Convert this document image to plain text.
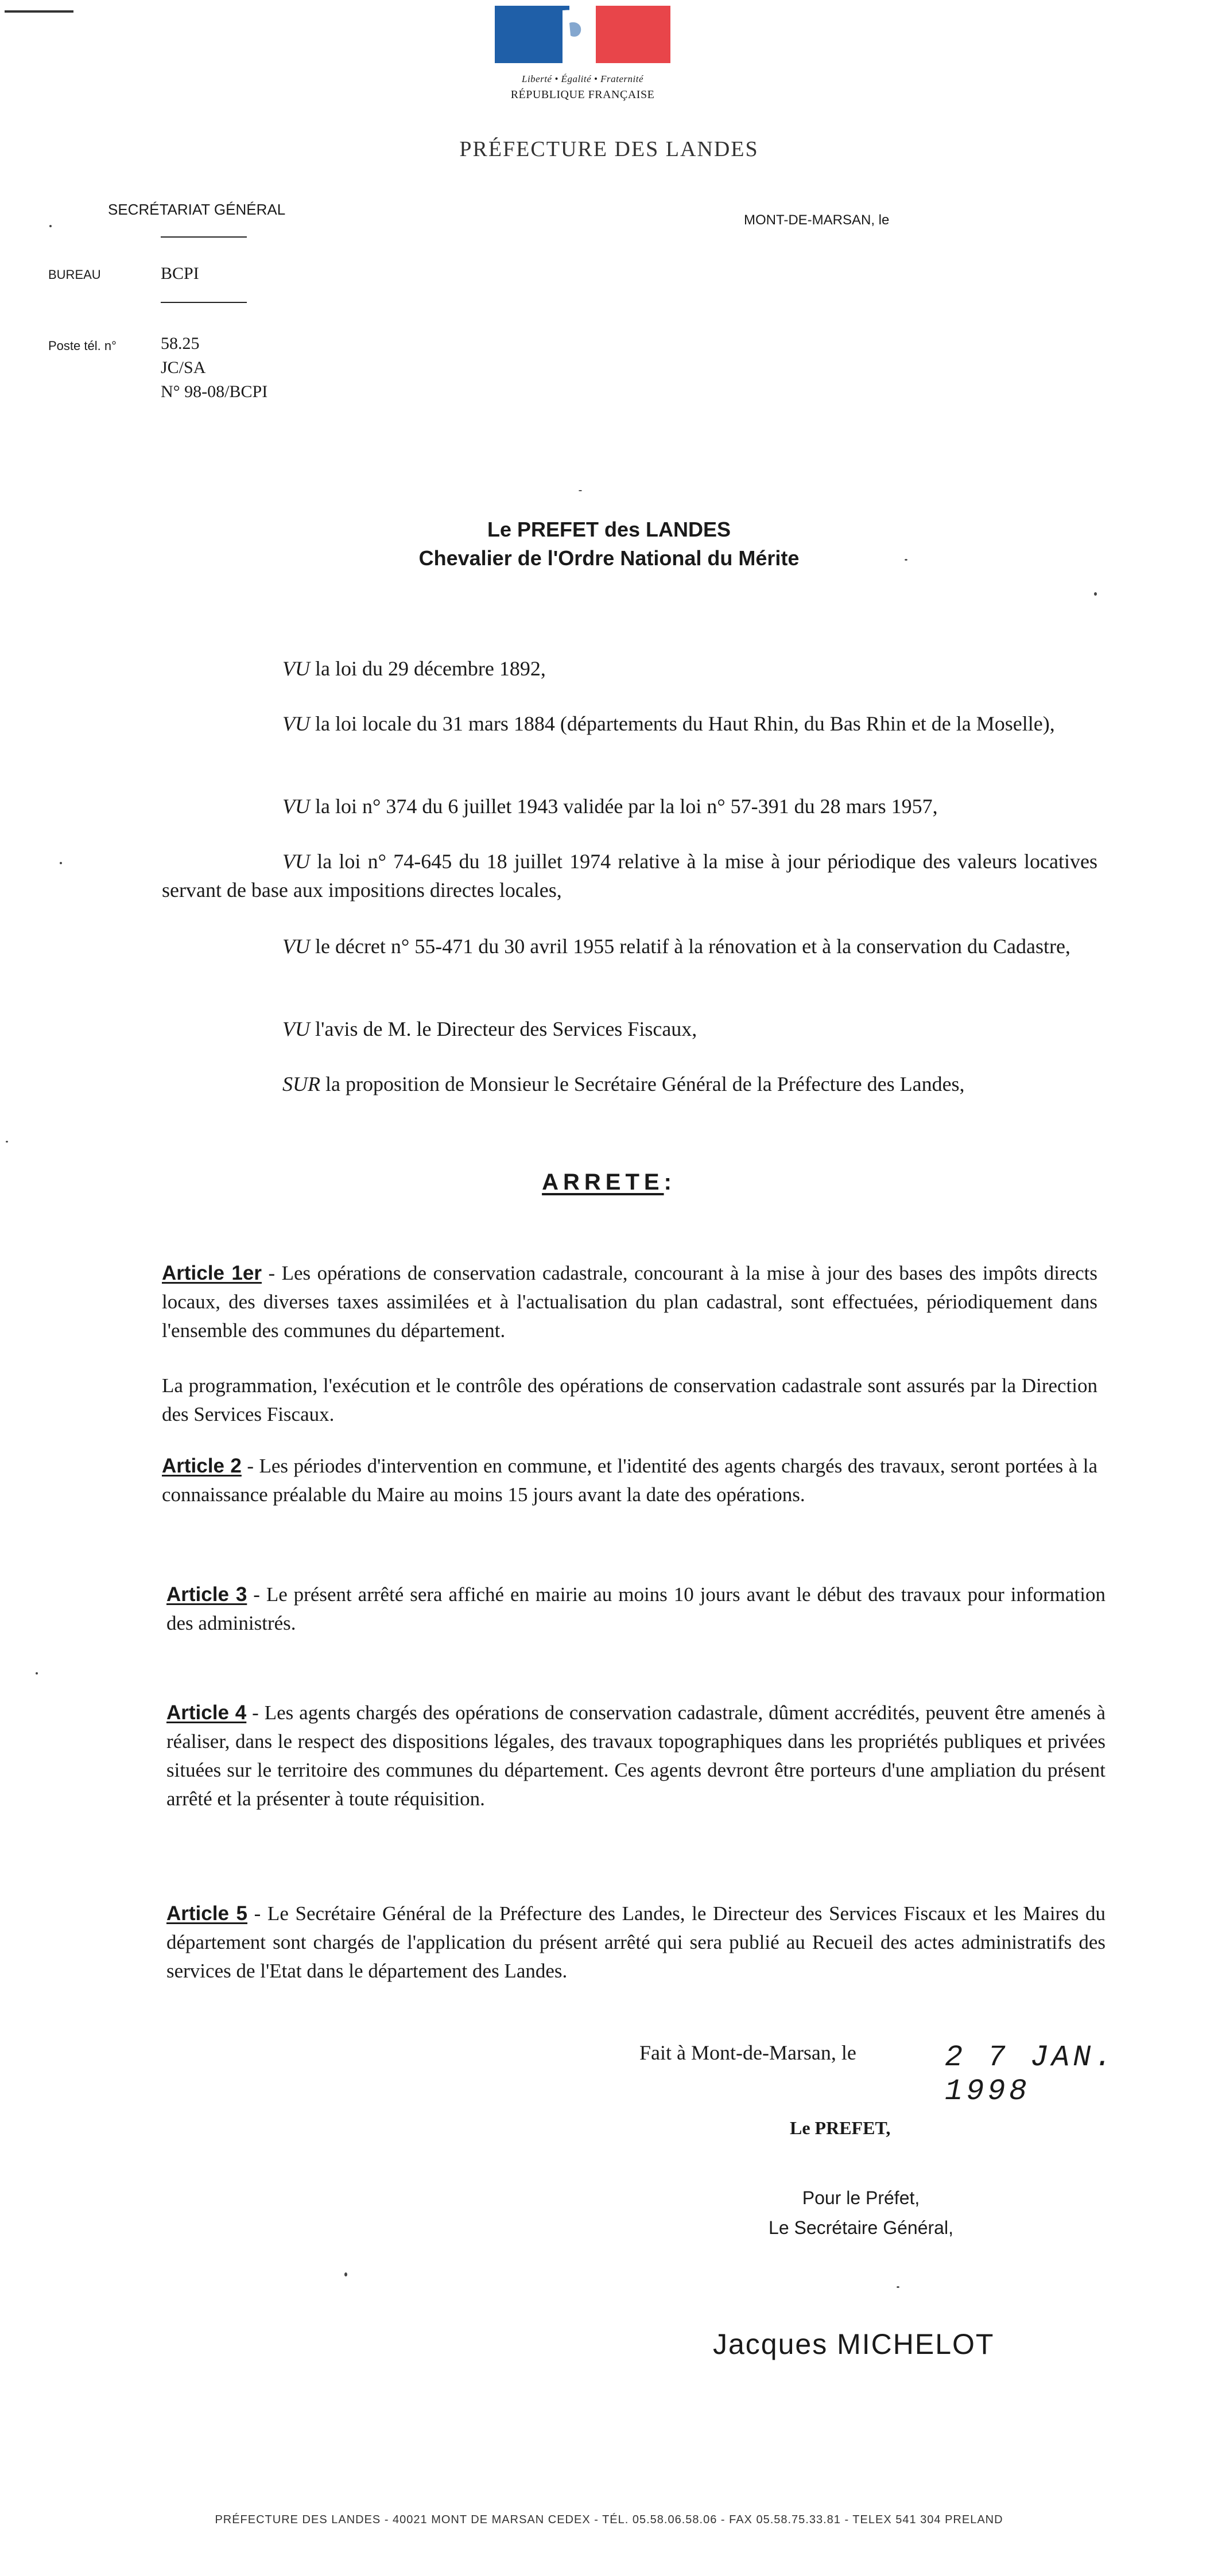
Liberté • Égalité • Fraternité
RÉPUBLIQUE FRANÇAISE
PRÉFECTURE DES LANDES
SECRÉTARIAT GÉNÉRAL
BUREAU	BCPI
Poste tél. n°	58.25
JC/SA
N° 98-08/BCPI
MONT-DE-MARSAN, le
Le PREFET des LANDES
Chevalier de l'Ordre National du Mérite
VU la loi du 29 décembre 1892,
VU la loi locale du 31 mars 1884 (départements du Haut Rhin, du Bas Rhin et de la Moselle),
VU la loi n° 374 du 6 juillet 1943 validée par la loi n° 57-391 du 28 mars 1957,
VU la loi n° 74-645 du 18 juillet 1974 relative à la mise à jour périodique des valeurs locatives servant de base aux impositions directes locales,
VU le décret n° 55-471 du 30 avril 1955 relatif à la rénovation et à la conservation du Cadastre,
VU l'avis de M. le Directeur des Services Fiscaux,
SUR la proposition de Monsieur le Secrétaire Général de la Préfecture des Landes,
ARRETE:
Article 1er - Les opérations de conservation cadastrale, concourant à la mise à jour des bases des impôts directs locaux, des diverses taxes assimilées et à l'actualisation du plan cadastral, sont effectuées, périodiquement dans l'ensemble des communes du département.
La programmation, l'exécution et le contrôle des opérations de conservation cadastrale sont assurés par la Direction des Services Fiscaux.
Article 2 - Les périodes d'intervention en commune, et l'identité des agents chargés des travaux, seront portées à la connaissance préalable du Maire au moins 15 jours avant la date des opérations.
Article 3 - Le présent arrêté sera affiché en mairie au moins 10 jours avant le début des travaux pour information des administrés.
Article 4 - Les agents chargés des opérations de conservation cadastrale, dûment accrédités, peuvent être amenés à réaliser, dans le respect des dispositions légales, des travaux topographiques dans les propriétés publiques et privées situées sur le territoire des communes du département. Ces agents devront être porteurs d'une ampliation du présent arrêté et la présenter à toute réquisition.
Article 5 - Le Secrétaire Général de la Préfecture des Landes, le Directeur des Services Fiscaux et les Maires du département sont chargés de l'application du présent arrêté qui sera publié au Recueil des actes administratifs des services de l'Etat dans le département des Landes.
Fait à Mont-de-Marsan, le	2 7 JAN. 1998
Le PREFET,
Pour le Préfet,
Le Secrétaire Général,
Jacques MICHELOT
PRÉFECTURE DES LANDES - 40021 MONT DE MARSAN CEDEX - TÉL. 05.58.06.58.06 - FAX 05.58.75.33.81 - TELEX 541 304 PRELAND
